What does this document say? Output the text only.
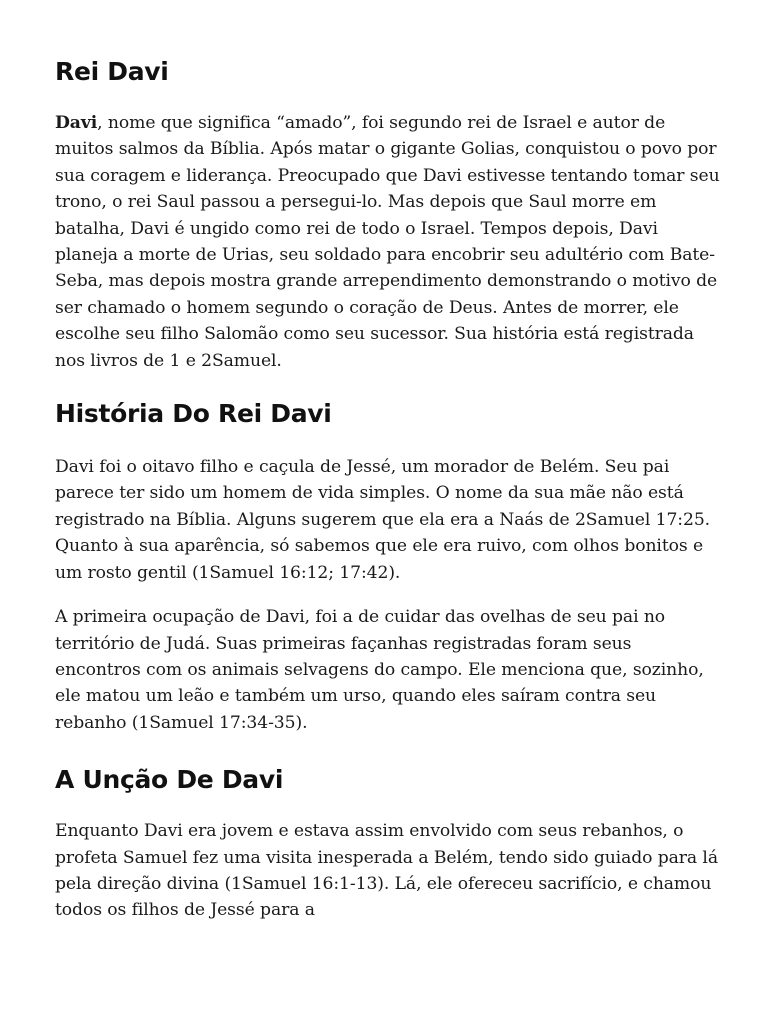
Rei Davi

Davi, nome que significa “amado”, foi segundo rei de Israel e autor de muitos salmos da Bíblia. Após matar o gigante Golias, conquistou o povo por sua coragem e liderança. Preocupado que Davi estivesse tentando tomar seu trono, o rei Saul passou a persegui-lo. Mas depois que Saul morre em batalha, Davi é ungido como rei de todo o Israel. Tempos depois, Davi planeja a morte de Urias, seu soldado para encobrir seu adultério com Bate-Seba, mas depois mostra grande arrependimento demonstrando o motivo de ser chamado o homem segundo o coração de Deus. Antes de morrer, ele escolhe seu filho Salomão como seu sucessor. Sua história está registrada nos livros de 1 e 2Samuel.

História Do Rei Davi

Davi foi o oitavo filho e caçula de Jessé, um morador de Belém. Seu pai parece ter sido um homem de vida simples. O nome da sua mãe não está registrado na Bíblia. Alguns sugerem que ela era a Naás de 2Samuel 17:25. Quanto à sua aparência, só sabemos que ele era ruivo, com olhos bonitos e um rosto gentil (1Samuel 16:12; 17:42).

A primeira ocupação de Davi, foi a de cuidar das ovelhas de seu pai no território de Judá. Suas primeiras façanhas registradas foram seus encontros com os animais selvagens do campo. Ele menciona que, sozinho, ele matou um leão e também um urso, quando eles saíram contra seu rebanho (1Samuel 17:34-35).

A Unção De Davi

Enquanto Davi era jovem e estava assim envolvido com seus rebanhos, o profeta Samuel fez uma visita inesperada a Belém, tendo sido guiado para lá pela direção divina (1Samuel 16:1-13). Lá, ele ofereceu sacrifício, e chamou todos os filhos de Jessé para a
